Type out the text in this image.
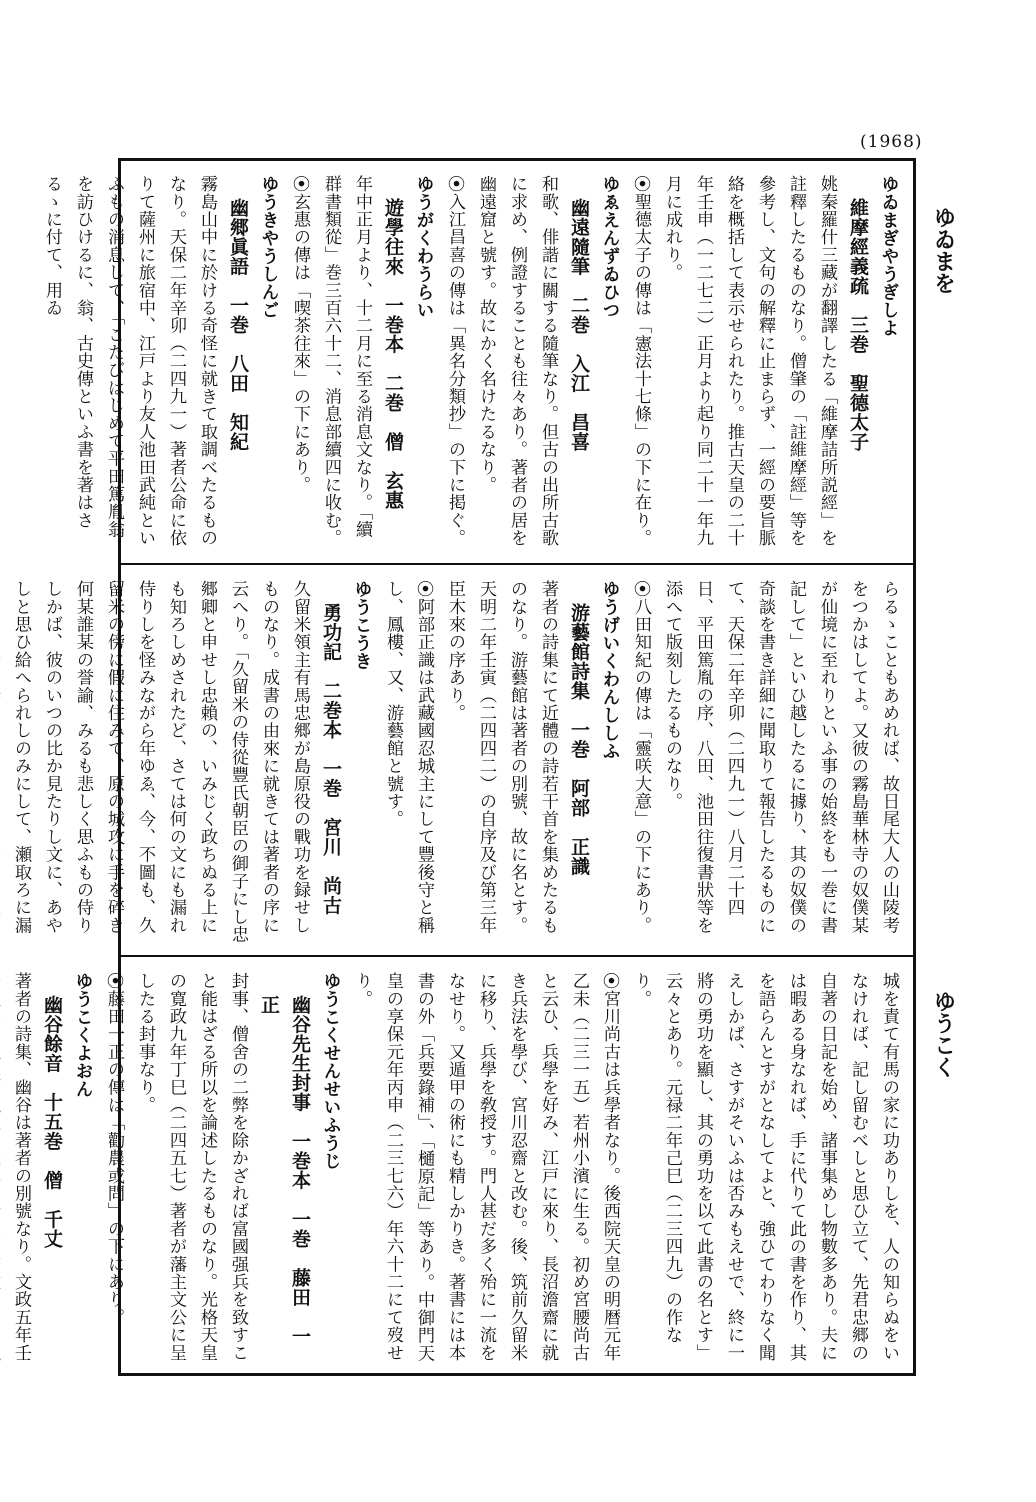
(1968)
ゆゐまを
ゆうこく

ゆゐまぎやうぎしよ

維摩經義疏　三巻　聖德太子

姚秦羅什三藏が翻譯したる「維摩詰所説經」を註釋したるものなり。僧肇の「註維摩經」等を參考し、文句の解釋に止まらず、一經の要旨脈絡を概括して表示せられたり。推古天皇の二十年壬申（一二七二）正月より起り同二十一年九月に成れり。

⦿聖德太子の傳は「憲法十七條」の下に在り。

ゆゑえんずゐひつ

幽遠隨筆　二巻　入江　昌喜

和歌、俳諧に關する隨筆なり。但古の出所古歌に求め、例證することも往々あり。著者の居を幽遠窟と號す。故にかく名けたるなり。

⦿入江昌喜の傳は「異名分類抄」の下に掲ぐ。

ゆうがくわうらい

遊學往來　一巻本　二巻　僧　玄惠

年中正月より、十二月に至る消息文なり。「續群書類從」巻三百六十二、消息部續四に收む。

⦿玄惠の傳は「喫茶往來」の下にあり。

ゆうきやうしんご

幽郷眞語　一巻　八田　知紀

霧島山中に於ける奇怪に就きて取調べたるものなり。天保二年辛卯（二四九一）著者公命に依りて薩州に旅宿中、江戸より友人池田武純といふもの消息して、「こたびはじめて平田篤胤翁を訪ひけるに、翁、古史傳といふ書を著はさるゝに付て、用ゐ

らるゝこともあめれば、故日尾大人の山陵考をつかはしてよ。又彼の霧島華林寺の奴僕某が仙境に至れりといふ事の始終をも一巻に書記して」といひ越したるに據り、其の奴僕の奇談を書き詳細に聞取りて報告したるものにて、天保二年辛卯（二四九一）八月二十四日、平田篤胤の序、八田、池田往復書狀等を添へて版刻したるものなり。

⦿八田知紀の傳は「靈咲大意」の下にあり。

ゆうげいくわんししふ

游藝館詩集　一巻　阿部　正識

著者の詩集にて近體の詩若干首を集めたるものなり。游藝館は著者の別號、故に名とす。天明二年壬寅（二四四二）の自序及び第三年臣木來の序あり。

⦿阿部正識は武藏國忍城主にして豐後守と稱し、鳳樓、又、游藝館と號す。

ゆうこうき

勇功記　二巻本　一巻　宮川　尚古

久留米領主有馬忠郷が島原役の戰功を録せしものなり。成書の由來に就きては著者の序に云へり。「久留米の侍從豐氏朝臣の御子にし忠郷卿と申せし忠賴の、いみじく政ちぬる上にも知ろしめされたど、さては何の文にも漏れ侍りしを怪みながら年ゆゑ、今、不圖も、久留米の傍に假に住みて、原の城攻に手を碎き何某誰某の誉諭、みるも悲しく思ふもの侍りしかば、彼のいつの比か見たりし文に、あやしと思ひ給へられしのみにして、瀬取ろに漏

城を責て有馬の家に功ありしを、人の知らぬをいなければ、記し留むべしと思ひ立て、先君忠郷の自著の日記を始め、諸事集めし物數多あり。夫には暇ある身なれば、手に代りて此の書を作り、其を語らんとすがとなしてよと、強ひてわりなく聞えしかば、さすがそいふは否みもえせで、終に一將の勇功を顯し、其の勇功を以て此書の名とす」云々とあり。元禄二年己巳（二三四九）の作なり。

⦿宮川尚古は兵學者なり。後西院天皇の明暦元年乙未（二三一五）若州小濱に生る。初め宮腰尚古と云ひ、兵學を好み、江戸に來り、長沼澹齋に就き兵法を學び、宮川忍齋と改む。後、筑前久留米に移り、兵學を敎授す。門人甚だ多く殆に一流をなせり。又遁甲の術にも精しかりき。著書には本書の外「兵要錄補」、「樋原記」等あり。中御門天皇の享保元年丙申（二三七六）年六十二にて歿せり。

ゆうこくせんせいふうじ

幽谷先生封事　一巻本　一巻　藤田　一正

封事、僧舍の二弊を除かざれば富國强兵を致すこと能はざる所以を論述したるものなり。光格天皇の寛政九年丁巳（二四五七）著者が藩主文公に呈したる封事なり。

⦿藤田一正の傳は「勸農或問」の下にあり。

ゆうこくよおん

幽谷餘音　十五巻　僧　千丈

著者の詩集、幽谷は著者の別號なり。文政五年壬
